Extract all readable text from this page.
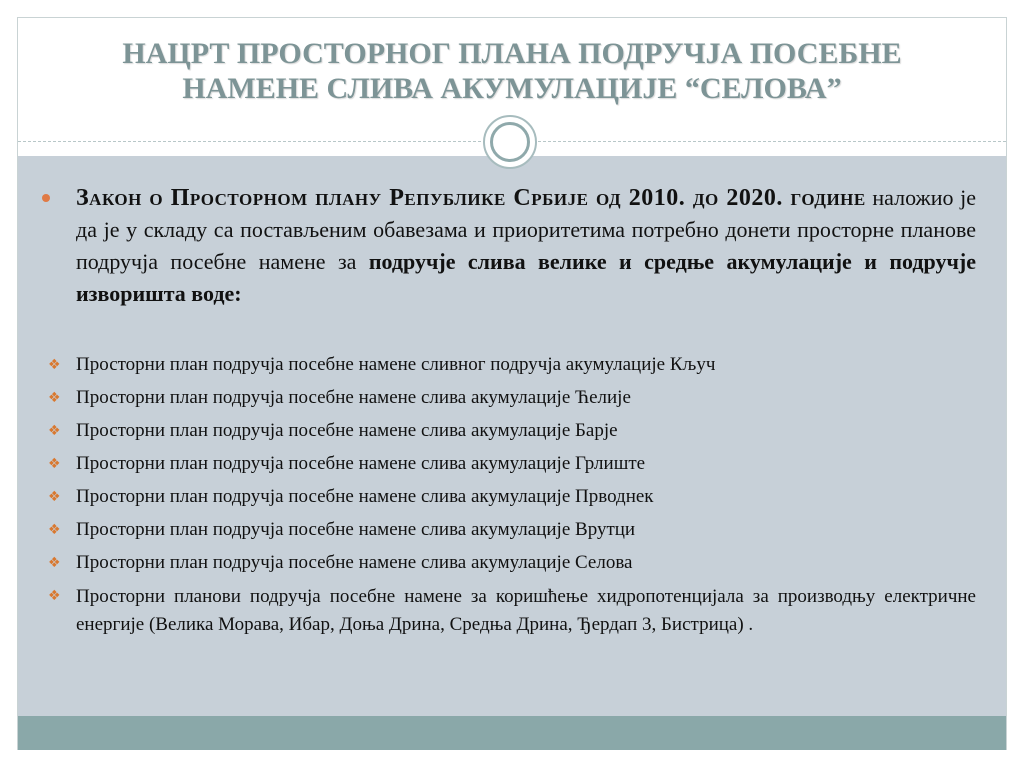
НАЦРТ ПРОСТОРНОГ ПЛАНА ПОДРУЧЈА ПОСЕБНЕ
НАМЕНЕ СЛИВА АКУМУЛАЦИЈЕ “СЕЛОВА”

Закон о Просторном плану Републике Србије од 2010. до 2020. године наложио је да је у складу са постављеним обавезама и приоритетима потребно донети просторне планове подручја посебне намене за подручје слива велике и средње акумулације и подручје изворишта воде:

❖ Просторни план подручја посебне намене сливног подручја акумулације Кључ
❖ Просторни план подручја посебне намене слива акумулације Ћелије
❖ Просторни план подручја посебне намене слива акумулације Барје
❖ Просторни план подручја посебне намене слива акумулације Грлиште
❖ Просторни план подручја посебне намене слива акумулације Прводнек
❖ Просторни план подручја посебне намене слива акумулације Врутци
❖ Просторни план подручја посебне намене слива акумулације Селова
❖ Просторни планови подручја посебне намене за коришћење хидропотенцијала за производњу електричне енергије (Велика Морава, Ибар, Доња Дрина, Средња Дрина, Ђердап 3, Бистрица) .
